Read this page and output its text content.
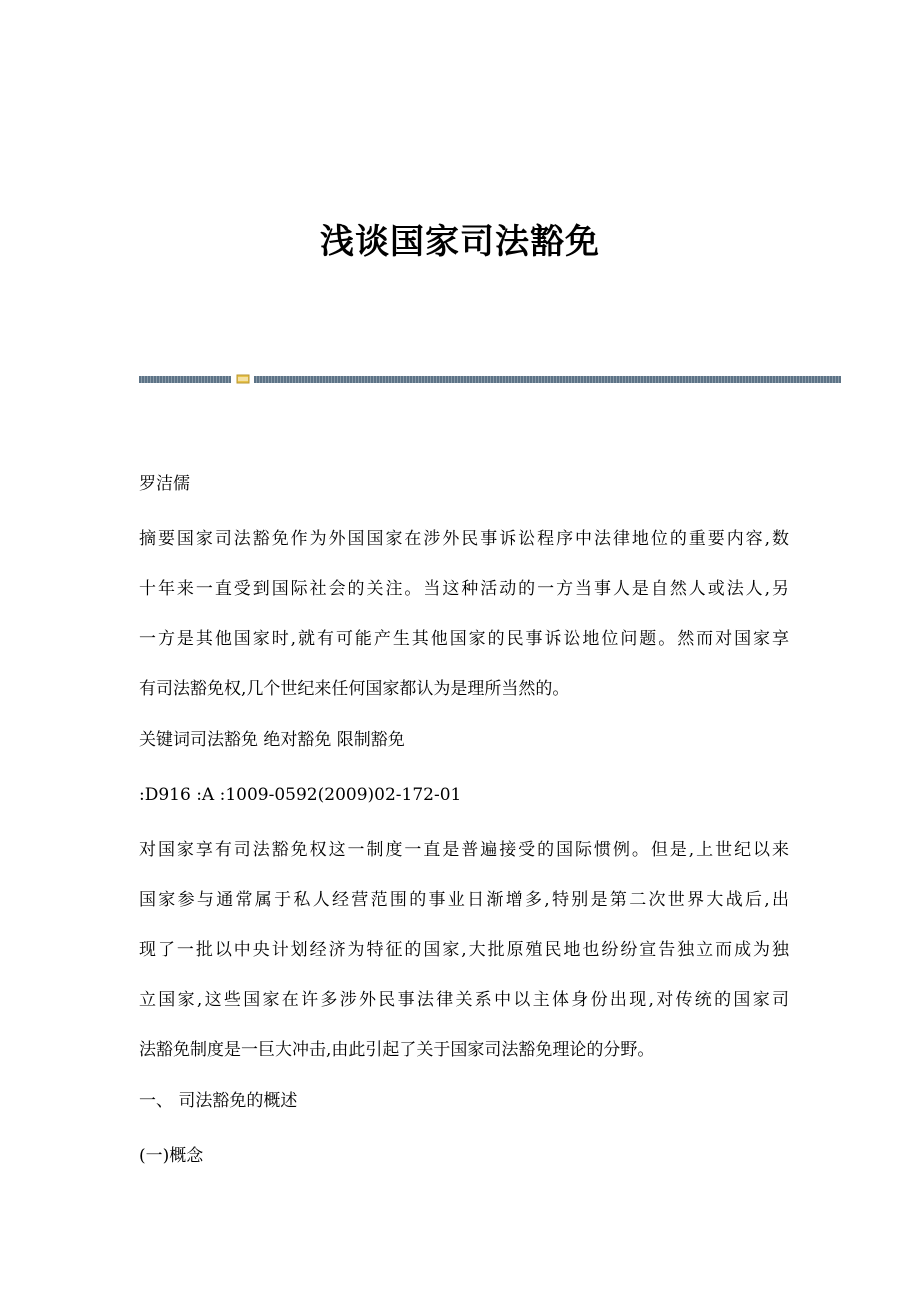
浅谈国家司法豁免
罗洁儒
摘要国家司法豁免作为外国国家在涉外民事诉讼程序中法律地位的重要内容,数
十年来一直受到国际社会的关注。当这种活动的一方当事人是自然人或法人,另
一方是其他国家时,就有可能产生其他国家的民事诉讼地位问题。然而对国家享
有司法豁免权,几个世纪来任何国家都认为是理所当然的。
关键词司法豁免 绝对豁免 限制豁免
:D916 :A :1009-0592(2009)02-172-01
对国家享有司法豁免权这一制度一直是普遍接受的国际惯例。但是,上世纪以来
国家参与通常属于私人经营范围的事业日渐增多,特别是第二次世界大战后,出
现了一批以中央计划经济为特征的国家,大批原殖民地也纷纷宣告独立而成为独
立国家,这些国家在许多涉外民事法律关系中以主体身份出现,对传统的国家司
法豁免制度是一巨大冲击,由此引起了关于国家司法豁免理论的分野。
一、 司法豁免的概述
(一)概念
